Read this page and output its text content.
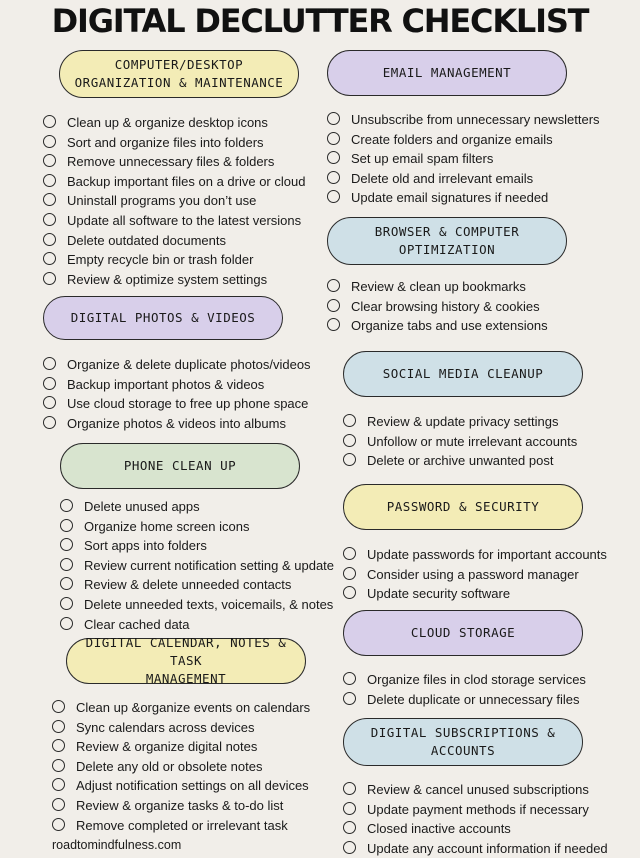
DIGITAL DECLUTTER CHECKLIST
COMPUTER/DESKTOP
ORGANIZATION & MAINTENANCE
Clean up & organize desktop icons
Sort and organize files into folders
Remove unnecessary files & folders
Backup important files on a drive or cloud
Uninstall programs you don’t use
Update all software to the latest versions
Delete outdated documents
Empty recycle bin or trash folder
Review & optimize system settings
DIGITAL PHOTOS & VIDEOS
Organize & delete duplicate photos/videos
Backup important photos & videos
Use cloud storage to free up phone space
Organize photos & videos into albums
PHONE CLEAN UP
Delete unused apps
Organize home screen icons
Sort apps into folders
Review current notification setting & update
Review & delete unneeded contacts
Delete unneeded texts, voicemails, & notes
Clear cached data
DIGITAL CALENDAR, NOTES & TASK
MANAGEMENT
Clean up &organize events on calendars
Sync calendars across devices
Review & organize digital notes
Delete any old or obsolete notes
Adjust notification settings on all devices
Review & organize tasks & to-do list
Remove completed or irrelevant task
EMAIL MANAGEMENT
Unsubscribe from unnecessary newsletters
Create folders and organize emails
Set up email spam filters
Delete old and irrelevant emails
Update email signatures if needed
BROWSER & COMPUTER
OPTIMIZATION
Review & clean up bookmarks
Clear browsing history & cookies
Organize tabs and use extensions
SOCIAL MEDIA CLEANUP
Review & update privacy settings
Unfollow or mute irrelevant accounts
Delete or archive unwanted post
PASSWORD & SECURITY
Update passwords for important accounts
Consider using a password manager
Update security software
CLOUD STORAGE
Organize files in clod storage services
Delete duplicate or unnecessary files
DIGITAL SUBSCRIPTIONS &
ACCOUNTS
Review & cancel unused subscriptions
Update payment methods if necessary
Closed inactive accounts
Update any account information if needed
roadtomindfulness.com
